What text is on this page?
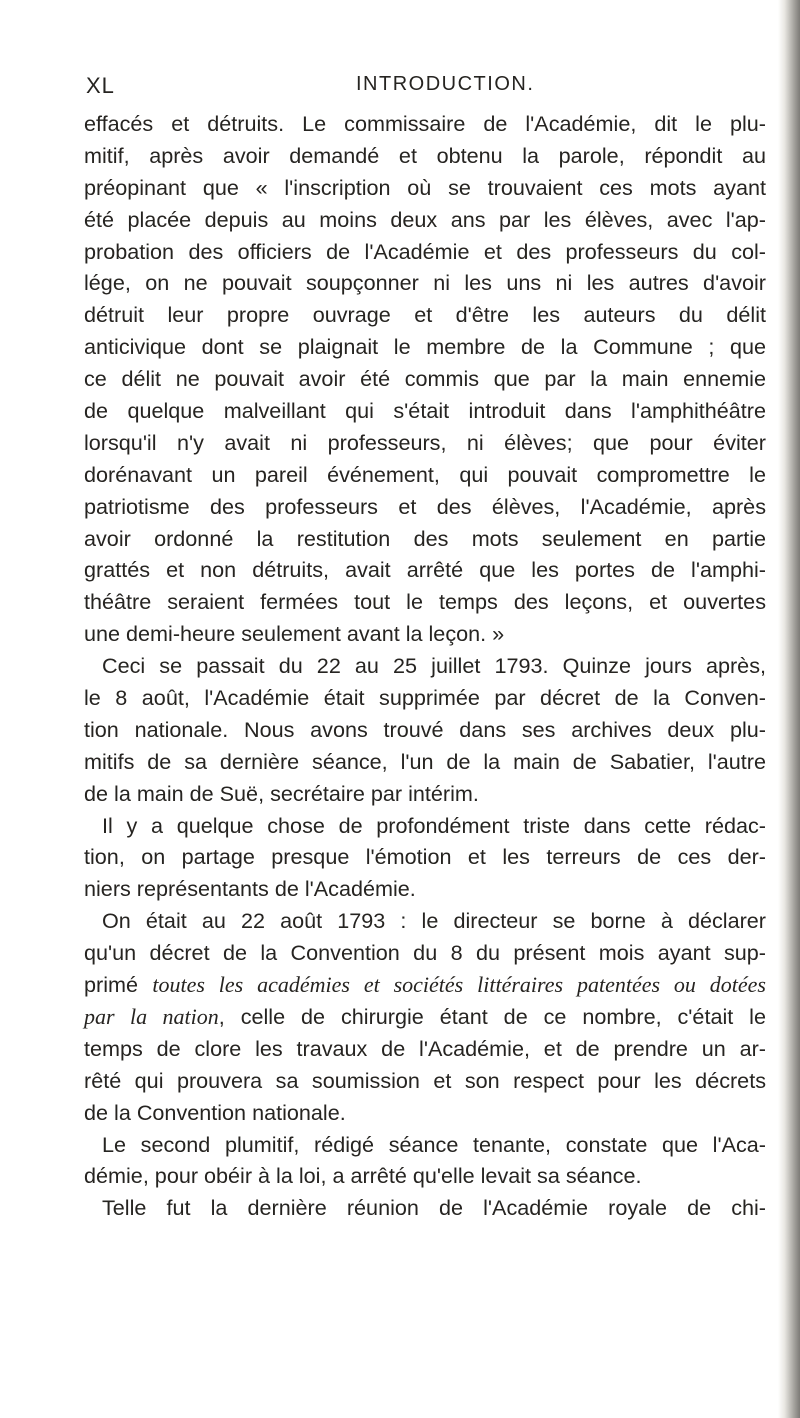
XL	INTRODUCTION.
effacés et détruits. Le commissaire de l'Académie, dit le plu-
mitif, après avoir demandé et obtenu la parole, répondit au
préopinant que « l'inscription où se trouvaient ces mots ayant
été placée depuis au moins deux ans par les élèves, avec l'ap-
probation des officiers de l'Académie et des professeurs du col-
lége, on ne pouvait soupçonner ni les uns ni les autres d'avoir
détruit leur propre ouvrage et d'être les auteurs du délit
anticivique dont se plaignait le membre de la Commune ; que
ce délit ne pouvait avoir été commis que par la main ennemie
de quelque malveillant qui s'était introduit dans l'amphithéâtre
lorsqu'il n'y avait ni professeurs, ni élèves; que pour éviter
dorénavant un pareil événement, qui pouvait compromettre le
patriotisme des professeurs et des élèves, l'Académie, après
avoir ordonné la restitution des mots seulement en partie
grattés et non détruits, avait arrêté que les portes de l'amphi-
théâtre seraient fermées tout le temps des leçons, et ouvertes
une demi-heure seulement avant la leçon. »
Ceci se passait du 22 au 25 juillet 1793. Quinze jours après,
le 8 août, l'Académie était supprimée par décret de la Conven-
tion nationale. Nous avons trouvé dans ses archives deux plu-
mitifs de sa dernière séance, l'un de la main de Sabatier, l'autre
de la main de Suë, secrétaire par intérim.
Il y a quelque chose de profondément triste dans cette rédac-
tion, on partage presque l'émotion et les terreurs de ces der-
niers représentants de l'Académie.
On était au 22 août 1793 : le directeur se borne à déclarer
qu'un décret de la Convention du 8 du présent mois ayant sup-
primé toutes les académies et sociétés littéraires patentées ou dotées
par la nation, celle de chirurgie étant de ce nombre, c'était le
temps de clore les travaux de l'Académie, et de prendre un ar-
rêté qui prouvera sa soumission et son respect pour les décrets
de la Convention nationale.
Le second plumitif, rédigé séance tenante, constate que l'Aca-
démie, pour obéir à la loi, a arrêté qu'elle levait sa séance.
Telle fut la dernière réunion de l'Académie royale de chi-
